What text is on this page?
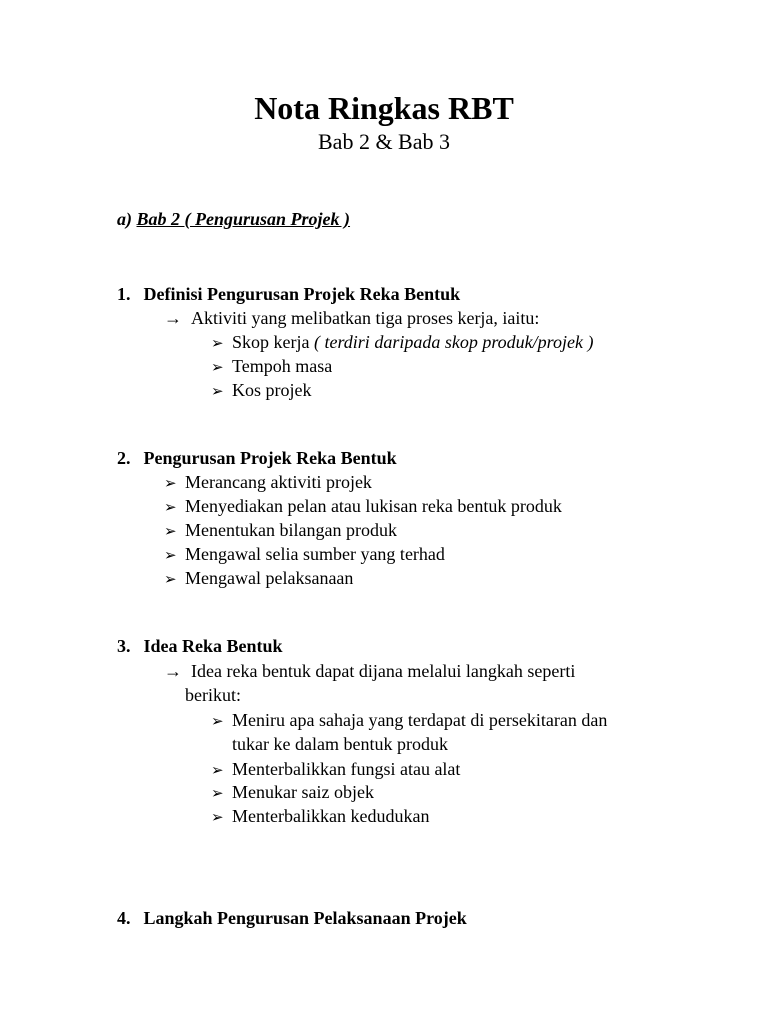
Nota Ringkas RBT
Bab 2 & Bab 3
a) Bab 2 ( Pengurusan Projek )
1. Definisi Pengurusan Projek Reka Bentuk
→ Aktiviti yang melibatkan tiga proses kerja, iaitu:
➢ Skop kerja ( terdiri daripada skop produk/projek )
➢ Tempoh masa
➢ Kos projek
2. Pengurusan Projek Reka Bentuk
➢ Merancang aktiviti projek
➢ Menyediakan pelan atau lukisan reka bentuk produk
➢ Menentukan bilangan produk
➢ Mengawal selia sumber yang terhad
➢ Mengawal pelaksanaan
3. Idea Reka Bentuk
→ Idea reka bentuk dapat dijana melalui langkah seperti
berikut:
➢ Meniru apa sahaja yang terdapat di persekitaran dan
tukar ke dalam bentuk produk
➢ Menterbalikkan fungsi atau alat
➢ Menukar saiz objek
➢ Menterbalikkan kedudukan
4. Langkah Pengurusan Pelaksanaan Projek
